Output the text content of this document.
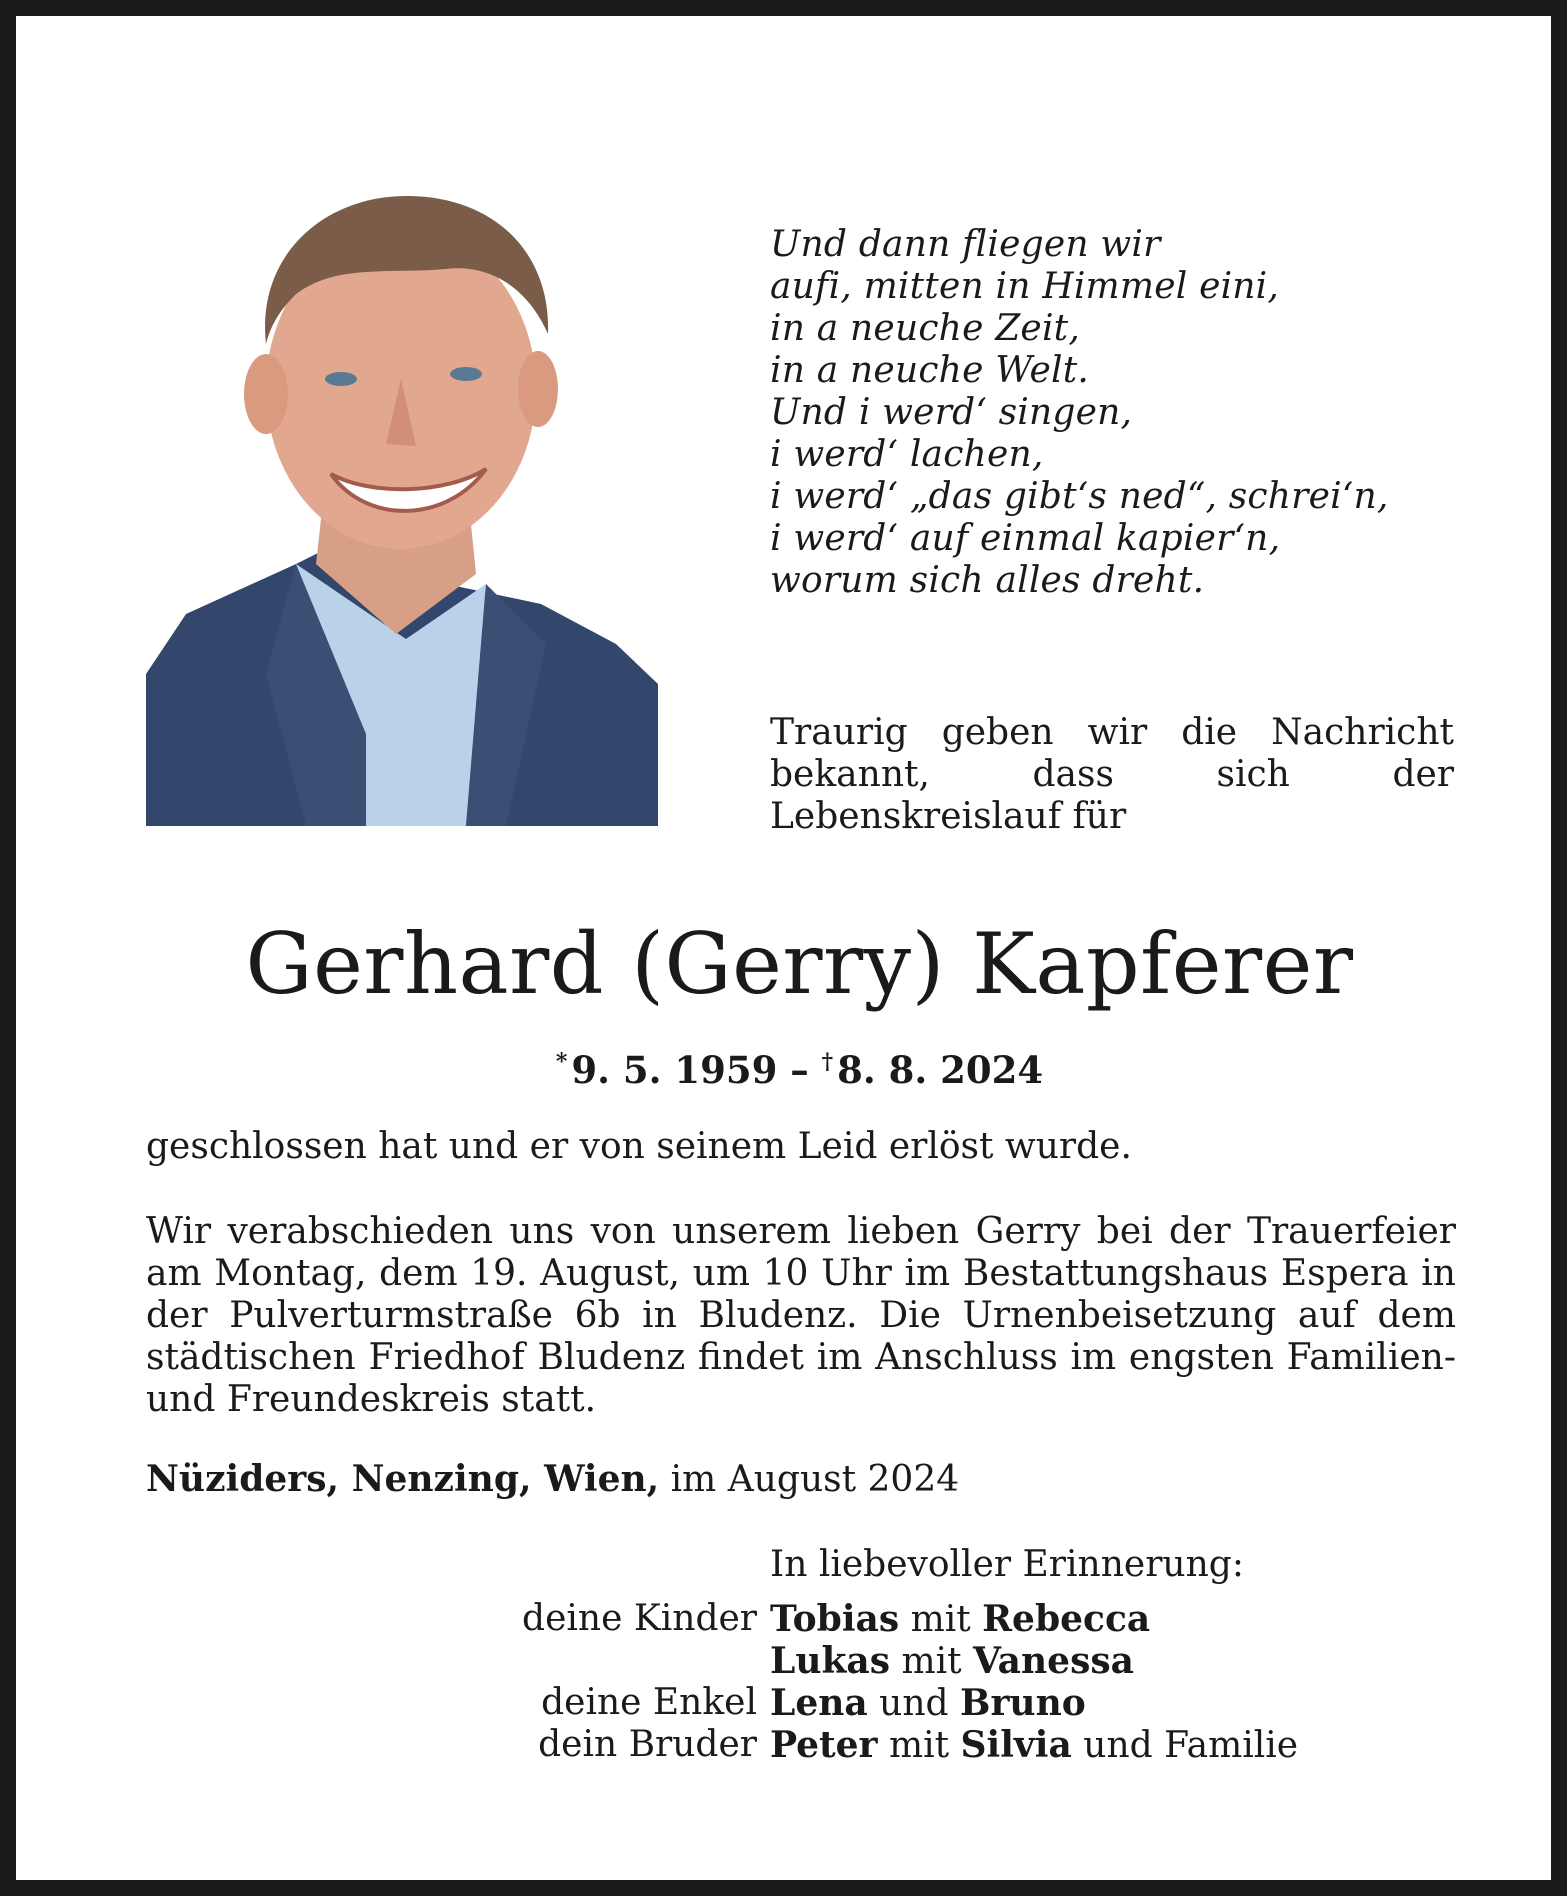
Und dann fliegen wir
aufi, mitten in Himmel eini,
in a neuche Zeit,
in a neuche Welt.
Und i werd‘ singen,
i werd‘ lachen,
i werd‘ „das gibt‘s ned“, schrei‘n,
i werd‘ auf einmal kapier‘n,
worum sich alles dreht.
Traurig geben wir die Nachricht bekannt, dass sich der Lebenskreislauf für
Gerhard (Gerry) Kapferer
* 9. 5. 1959 – † 8. 8. 2024
geschlossen hat und er von seinem Leid erlöst wurde.
Wir verabschieden uns von unserem lieben Gerry bei der Trauerfeier am Montag, dem 19. August, um 10 Uhr im Bestattungshaus Espera in der Pulverturmstraße 6b in Bludenz. Die Urnenbeisetzung auf dem städtischen Friedhof Bludenz findet im Anschluss im engsten Familien- und Freundeskreis statt.
Nüziders, Nenzing, Wien, im August 2024
In liebevoller Erinnerung:
deine Kinder Tobias mit Rebecca
Lukas mit Vanessa
deine Enkel Lena und Bruno
dein Bruder Peter mit Silvia und Familie
